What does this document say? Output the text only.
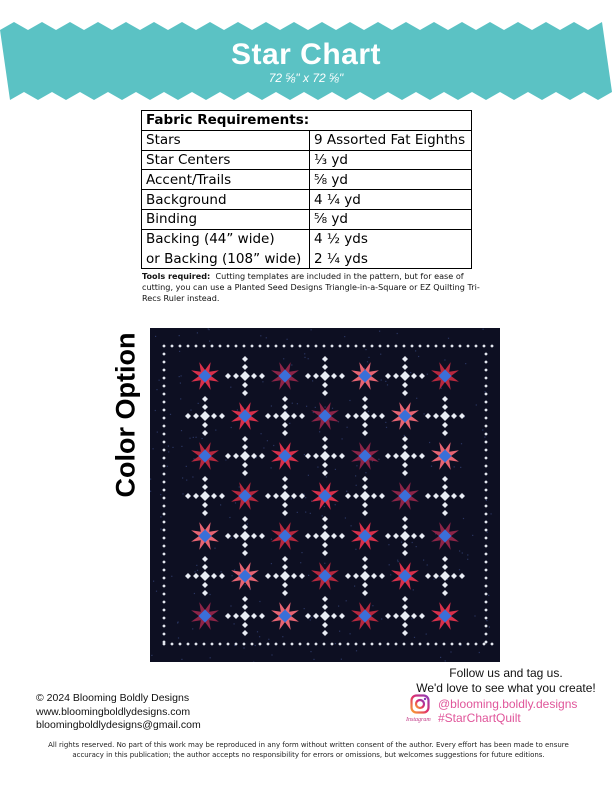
Star Chart
72 ⅝" x 72 ⅝"
Fabric Requirements:	
Stars	9 Assorted Fat Eighths
Star Centers	⅓ yd
Accent/Trails	⅝ yd
Background	4 ¼ yd
Binding	⅝ yd
Backing (44” wide)	4 ½ yds
or Backing (108” wide)	2 ¼ yds
Tools required: Cutting templates are included in the pattern, but for ease of cutting, you can use a Planted Seed Designs Triangle-in-a-Square or EZ Quilting Tri-Recs Ruler instead.
Color Option
Follow us and tag us.
We'd love to see what you create!
Instagram
@blooming.boldly.designs
#StarChartQuilt
© 2024 Blooming Boldly Designs
www.bloomingboldlydesigns.com
bloomingboldlydesigns@gmail.com
All rights reserved. No part of this work may be reproduced in any form without written consent of the author. Every effort has been made to ensure accuracy in this publication; the author accepts no responsibility for errors or omissions, but welcomes suggestions for future editions.
